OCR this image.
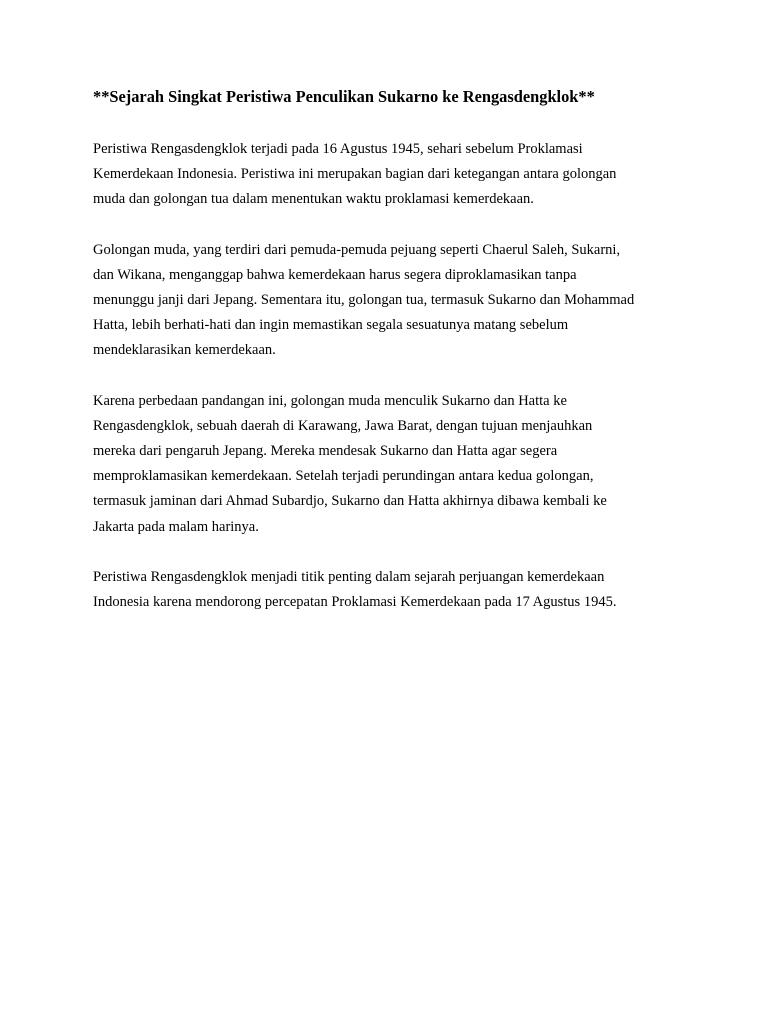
**Sejarah Singkat Peristiwa Penculikan Sukarno ke Rengasdengklok**
Peristiwa Rengasdengklok terjadi pada 16 Agustus 1945, sehari sebelum Proklamasi
Kemerdekaan Indonesia. Peristiwa ini merupakan bagian dari ketegangan antara golongan
muda dan golongan tua dalam menentukan waktu proklamasi kemerdekaan.
Golongan muda, yang terdiri dari pemuda-pemuda pejuang seperti Chaerul Saleh, Sukarni,
dan Wikana, menganggap bahwa kemerdekaan harus segera diproklamasikan tanpa
menunggu janji dari Jepang. Sementara itu, golongan tua, termasuk Sukarno dan Mohammad
Hatta, lebih berhati-hati dan ingin memastikan segala sesuatunya matang sebelum
mendeklarasikan kemerdekaan.
Karena perbedaan pandangan ini, golongan muda menculik Sukarno dan Hatta ke
Rengasdengklok, sebuah daerah di Karawang, Jawa Barat, dengan tujuan menjauhkan
mereka dari pengaruh Jepang. Mereka mendesak Sukarno dan Hatta agar segera
memproklamasikan kemerdekaan. Setelah terjadi perundingan antara kedua golongan,
termasuk jaminan dari Ahmad Subardjo, Sukarno dan Hatta akhirnya dibawa kembali ke
Jakarta pada malam harinya.
Peristiwa Rengasdengklok menjadi titik penting dalam sejarah perjuangan kemerdekaan
Indonesia karena mendorong percepatan Proklamasi Kemerdekaan pada 17 Agustus 1945.
